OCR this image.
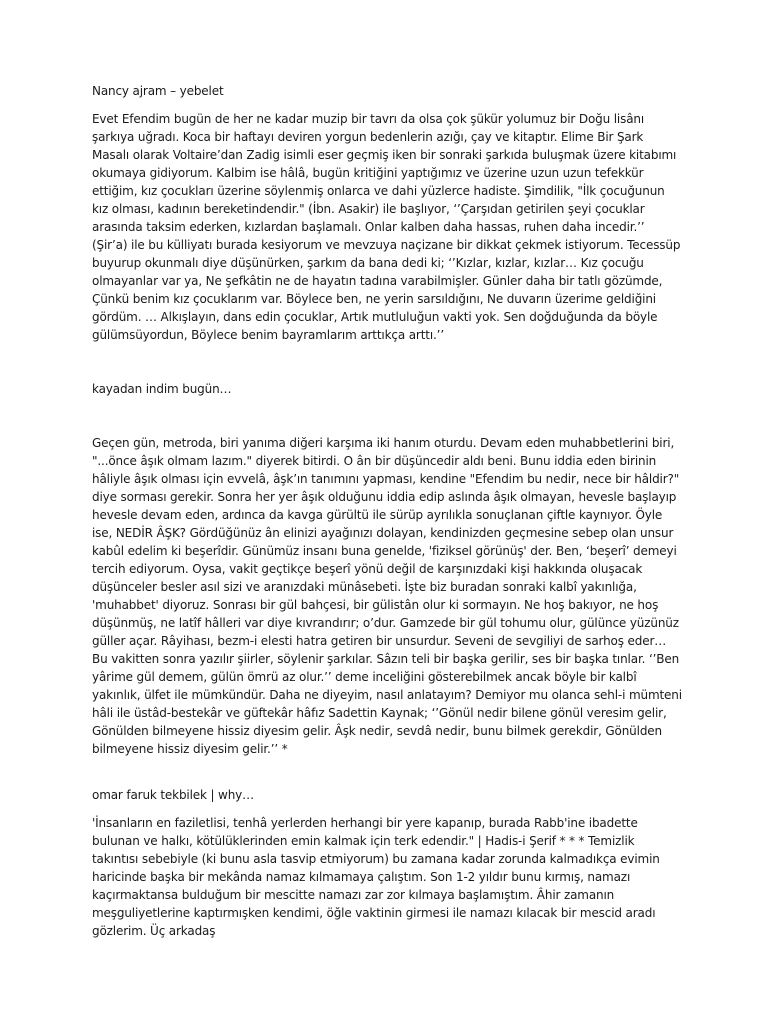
Nancy ajram – yebelet

Evet Efendim bugün de her ne kadar muzip bir tavrı da olsa çok şükür yolumuz bir Doğu lisânı şarkıya uğradı. Koca bir haftayı deviren yorgun bedenlerin azığı, çay ve kitaptır. Elime Bir Şark Masalı olarak Voltaire’dan Zadig isimli eser geçmiş iken bir sonraki şarkıda buluşmak üzere kitabımı okumaya gidiyorum. Kalbim ise hâlâ, bugün kritiğini yaptığımız ve üzerine uzun uzun tefekkür ettiğim, kız çocukları üzerine söylenmiş onlarca ve dahi yüzlerce hadiste. Şimdilik, "İlk çocuğunun kız olması, kadının bereketindendir." (İbn. Asakir) ile başlıyor, ‘’Çarşıdan getirilen şeyi çocuklar arasında taksim ederken, kızlardan başlamalı. Onlar kalben daha hassas, ruhen daha incedir.’’ (Şir’a) ile bu külliyatı burada kesiyorum ve mevzuya naçizane bir dikkat çekmek istiyorum. Tecessüp buyurup okunmalı diye düşünürken, şarkım da bana dedi ki; ‘’Kızlar, kızlar, kızlar… Kız çocuğu olmayanlar var ya, Ne şefkâtin ne de hayatın tadına varabilmişler. Günler daha bir tatlı gözümde, Çünkü benim kız çocuklarım var. Böylece ben, ne yerin sarsıldığını, Ne duvarın üzerime geldiğini gördüm. … Alkışlayın, dans edin çocuklar, Artık mutluluğun vakti yok. Sen doğduğunda da böyle gülümsüyordun, Böylece benim bayramlarım arttıkça arttı.’’

kayadan indim bugün…

Geçen gün, metroda, biri yanıma diğeri karşıma iki hanım oturdu. Devam eden muhabbetlerini biri, "...önce âşık olmam lazım." diyerek bitirdi. O ân bir düşüncedir aldı beni. Bunu iddia eden birinin hâliyle âşık olması için evvelâ, âşk’ın tanımını yapması, kendine "Efendim bu nedir, nece bir hâldir?" diye sorması gerekir. Sonra her yer âşık olduğunu iddia edip aslında âşık olmayan, hevesle başlayıp hevesle devam eden, ardınca da kavga gürültü ile sürüp ayrılıkla sonuçlanan çiftle kaynıyor. Öyle ise, NEDİR ÂŞK? Gördüğünüz ân elinizi ayağınızı dolayan, kendinizden geçmesine sebep olan unsur kabûl edelim ki beşerîdir. Günümüz insanı buna genelde, 'fiziksel görünüş' der. Ben, ‘beşerî’ demeyi tercih ediyorum. Oysa, vakit geçtikçe beşerî yönü değil de karşınızdaki kişi hakkında oluşacak düşünceler besler asıl sizi ve aranızdaki münâsebeti. İşte biz buradan sonraki kalbî yakınlığa, 'muhabbet' diyoruz. Sonrası bir gül bahçesi, bir gülistân olur ki sormayın. Ne hoş bakıyor, ne hoş düşünmüş, ne latîf hâlleri var diye kıvrandırır; o’dur. Gamzede bir gül tohumu olur, gülünce yüzünüz güller açar. Râyihası, bezm-i elesti hatra getiren bir unsurdur. Seveni de sevgiliyi de sarhoş eder… Bu vakitten sonra yazılır şiirler, söylenir şarkılar. Sâzın teli bir başka gerilir, ses bir başka tınlar. ‘’Ben yârime gül demem, gülün ömrü az olur.’’ deme inceliğini gösterebilmek ancak böyle bir kalbî yakınlık, ülfet ile mümkündür. Daha ne diyeyim, nasıl anlatayım? Demiyor mu olanca sehl-i mümteni hâli ile üstâd-bestekâr ve güftekâr hâfız Sadettin Kaynak; ‘’Gönül nedir bilene gönül veresim gelir, Gönülden bilmeyene hissiz diyesim gelir. Âşk nedir, sevdâ nedir, bunu bilmek gerekdir, Gönülden bilmeyene hissiz diyesim gelir.’’ *

omar faruk tekbilek | why…

'İnsanların en faziletlisi, tenhâ yerlerden herhangi bir yere kapanıp, burada Rabb'ine ibadette bulunan ve halkı, kötülüklerinden emin kalmak için terk edendir." | Hadis-i Şerif * * * Temizlik takıntısı sebebiyle (ki bunu asla tasvip etmiyorum) bu zamana kadar zorunda kalmadıkça evimin haricinde başka bir mekânda namaz kılmamaya çalıştım. Son 1-2 yıldır bunu kırmış, namazı kaçırmaktansa bulduğum bir mescitte namazı zar zor kılmaya başlamıştım. Âhir zamanın meşguliyetlerine kaptırmışken kendimi, öğle vaktinin girmesi ile namazı kılacak bir mescid aradı gözlerim. Üç arkadaş
